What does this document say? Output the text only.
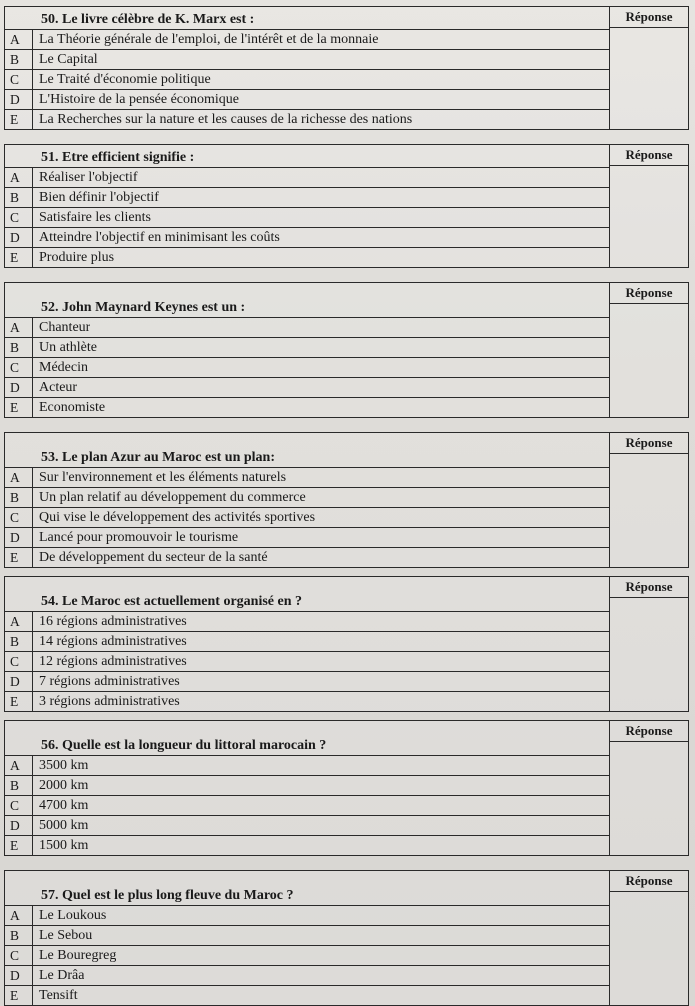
50. Le livre célèbre de K. Marx est :
A	La Théorie générale de l'emploi, de l'intérêt et de la monnaie
B	Le Capital
C	Le Traité d'économie politique
D	L'Histoire de la pensée économique
E	La Recherches sur la nature et les causes de la richesse des nations
Réponse
51. Etre efficient signifie :
A	Réaliser l'objectif
B	Bien définir l'objectif
C	Satisfaire les clients
D	Atteindre l'objectif en minimisant les coûts
E	Produire plus
Réponse
52. John Maynard Keynes est un :
A	Chanteur
B	Un athlète
C	Médecin
D	Acteur
E	Economiste
Réponse
53. Le plan Azur au Maroc est un plan:
A	Sur l'environnement et les éléments naturels
B	Un plan relatif au développement du commerce
C	Qui vise le développement des activités sportives
D	Lancé pour promouvoir le tourisme
E	De développement du secteur de la santé
Réponse
54. Le Maroc est actuellement organisé en ?
A	16 régions administratives
B	14 régions administratives
C	12 régions administratives
D	7 régions administratives
E	3 régions administratives
Réponse
56. Quelle est la longueur du littoral marocain ?
A	3500 km
B	2000 km
C	4700 km
D	5000 km
E	1500 km
Réponse
57. Quel est le plus long fleuve du Maroc ?
A	Le Loukous
B	Le Sebou
C	Le Bouregreg
D	Le Drâa
E	Tensift
Réponse
